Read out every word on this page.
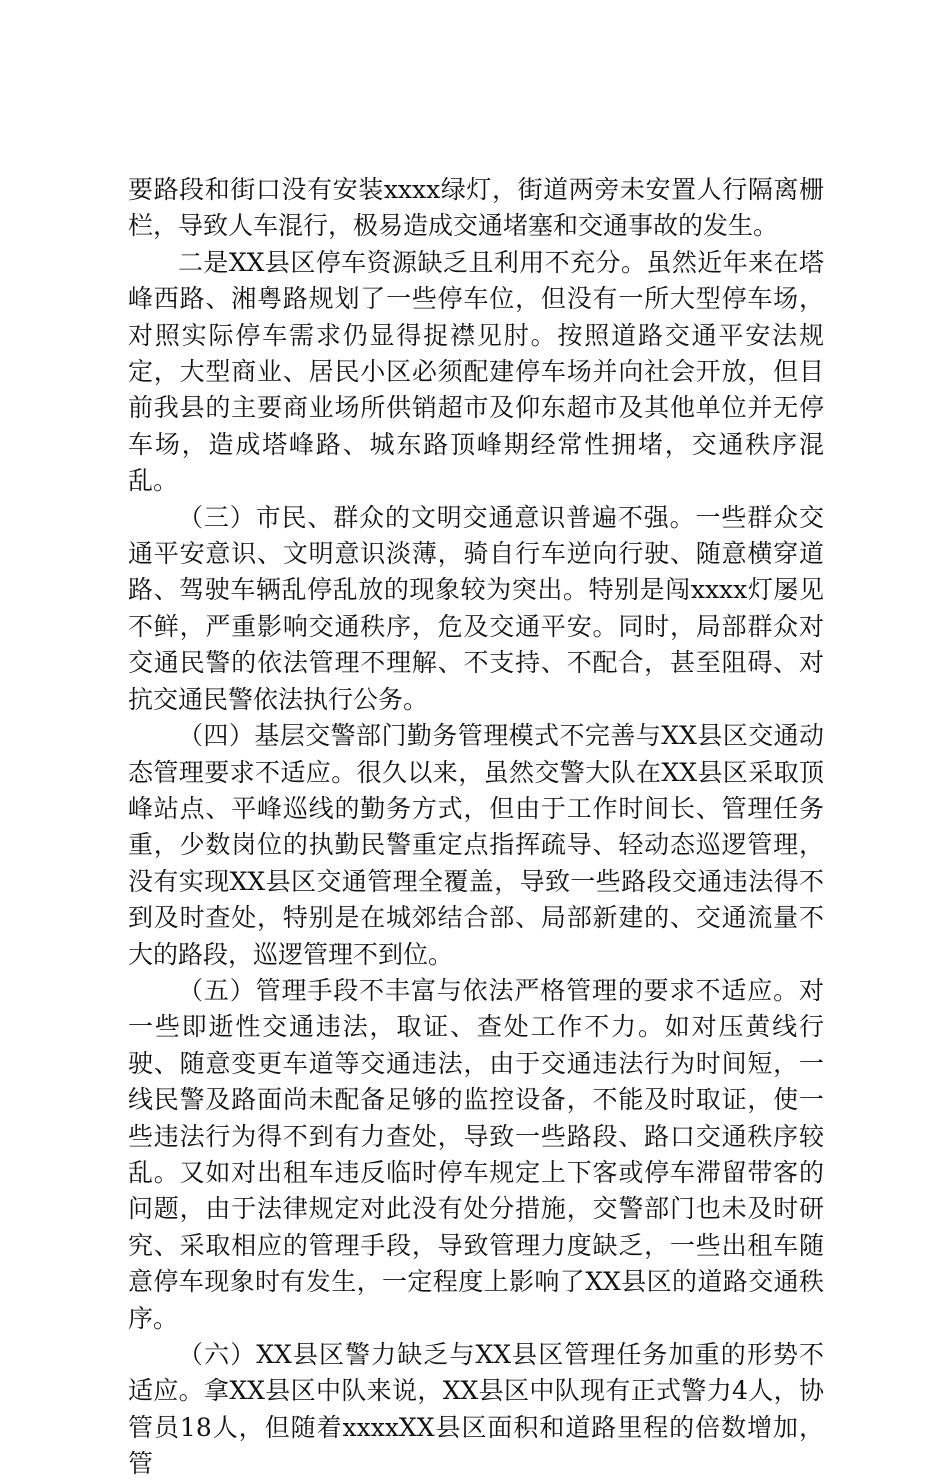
要路段和街口没有安装xxxx绿灯，街道两旁未安置人行隔离栅栏，导致人车混行，极易造成交通堵塞和交通事故的发生。

二是XX县区停车资源缺乏且利用不充分。虽然近年来在塔峰西路、湘粤路规划了一些停车位，但没有一所大型停车场，对照实际停车需求仍显得捉襟见肘。按照道路交通平安法规定，大型商业、居民小区必须配建停车场并向社会开放，但目前我县的主要商业场所供销超市及仰东超市及其他单位并无停车场，造成塔峰路、城东路顶峰期经常性拥堵，交通秩序混乱。

（三）市民、群众的文明交通意识普遍不强。一些群众交通平安意识、文明意识淡薄，骑自行车逆向行驶、随意横穿道路、驾驶车辆乱停乱放的现象较为突出。特别是闯xxxx灯屡见不鲜，严重影响交通秩序，危及交通平安。同时，局部群众对交通民警的依法管理不理解、不支持、不配合，甚至阻碍、对抗交通民警依法执行公务。

（四）基层交警部门勤务管理模式不完善与XX县区交通动态管理要求不适应。很久以来，虽然交警大队在XX县区采取顶峰站点、平峰巡线的勤务方式，但由于工作时间长、管理任务重，少数岗位的执勤民警重定点指挥疏导、轻动态巡逻管理，没有实现XX县区交通管理全覆盖，导致一些路段交通违法得不到及时查处，特别是在城郊结合部、局部新建的、交通流量不大的路段，巡逻管理不到位。

（五）管理手段不丰富与依法严格管理的要求不适应。对一些即逝性交通违法，取证、查处工作不力。如对压黄线行驶、随意变更车道等交通违法，由于交通违法行为时间短，一线民警及路面尚未配备足够的监控设备，不能及时取证，使一些违法行为得不到有力查处，导致一些路段、路口交通秩序较乱。又如对出租车违反临时停车规定上下客或停车滞留带客的问题，由于法律规定对此没有处分措施，交警部门也未及时研究、采取相应的管理手段，导致管理力度缺乏，一些出租车随意停车现象时有发生，一定程度上影响了XX县区的道路交通秩序。

（六）XX县区警力缺乏与XX县区管理任务加重的形势不适应。拿XX县区中队来说，XX县区中队现有正式警力4人，协管员18人，但随着xxxxXX县区面积和道路里程的倍数增加，管
